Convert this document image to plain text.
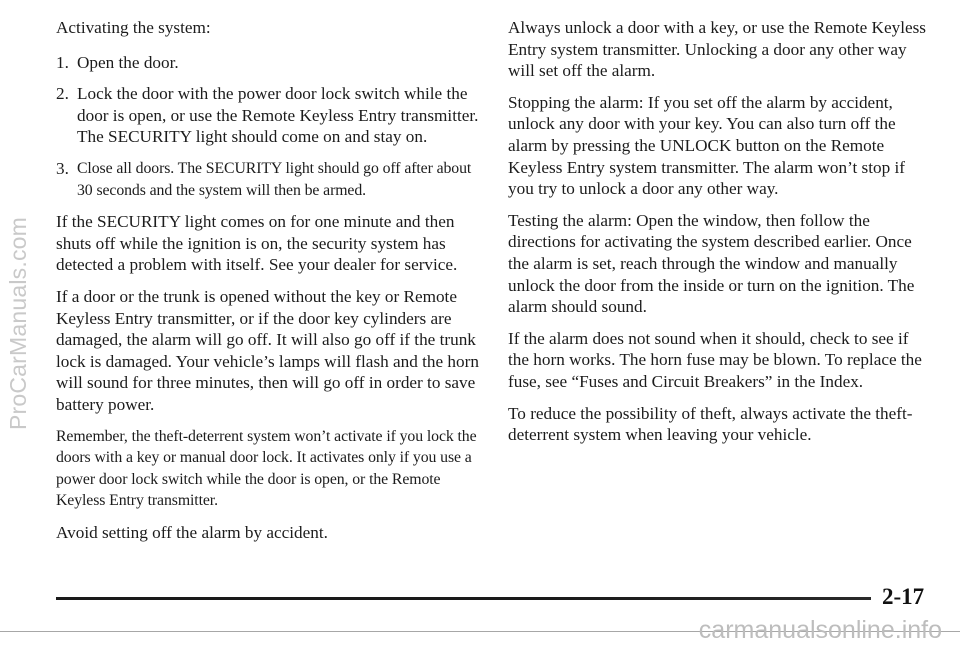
ProCarManuals.com

Activating the system:

1. Open the door.
2. Lock the door with the power door lock switch while the door is open, or use the Remote Keyless Entry transmitter. The SECURITY light should come on and stay on.
3. Close all doors. The SECURITY light should go off after about 30 seconds and the system will then be armed.

If the SECURITY light comes on for one minute and then shuts off while the ignition is on, the security system has detected a problem with itself. See your dealer for service.

If a door or the trunk is opened without the key or Remote Keyless Entry transmitter, or if the door key cylinders are damaged, the alarm will go off. It will also go off if the trunk lock is damaged. Your vehicle’s lamps will flash and the horn will sound for three minutes, then will go off in order to save battery power.

Remember, the theft-deterrent system won’t activate if you lock the doors with a key or manual door lock. It activates only if you use a power door lock switch while the door is open, or the Remote Keyless Entry transmitter.

Avoid setting off the alarm by accident.

Always unlock a door with a key, or use the Remote Keyless Entry system transmitter. Unlocking a door any other way will set off the alarm.

Stopping the alarm: If you set off the alarm by accident, unlock any door with your key. You can also turn off the alarm by pressing the UNLOCK button on the Remote Keyless Entry system transmitter. The alarm won’t stop if you try to unlock a door any other way.

Testing the alarm: Open the window, then follow the directions for activating the system described earlier. Once the alarm is set, reach through the window and manually unlock the door from the inside or turn on the ignition. The alarm should sound.

If the alarm does not sound when it should, check to see if the horn works. The horn fuse may be blown. To replace the fuse, see “Fuses and Circuit Breakers” in the Index.

To reduce the possibility of theft, always activate the theft-deterrent system when leaving your vehicle.

2-17
carmanualsonline.info
